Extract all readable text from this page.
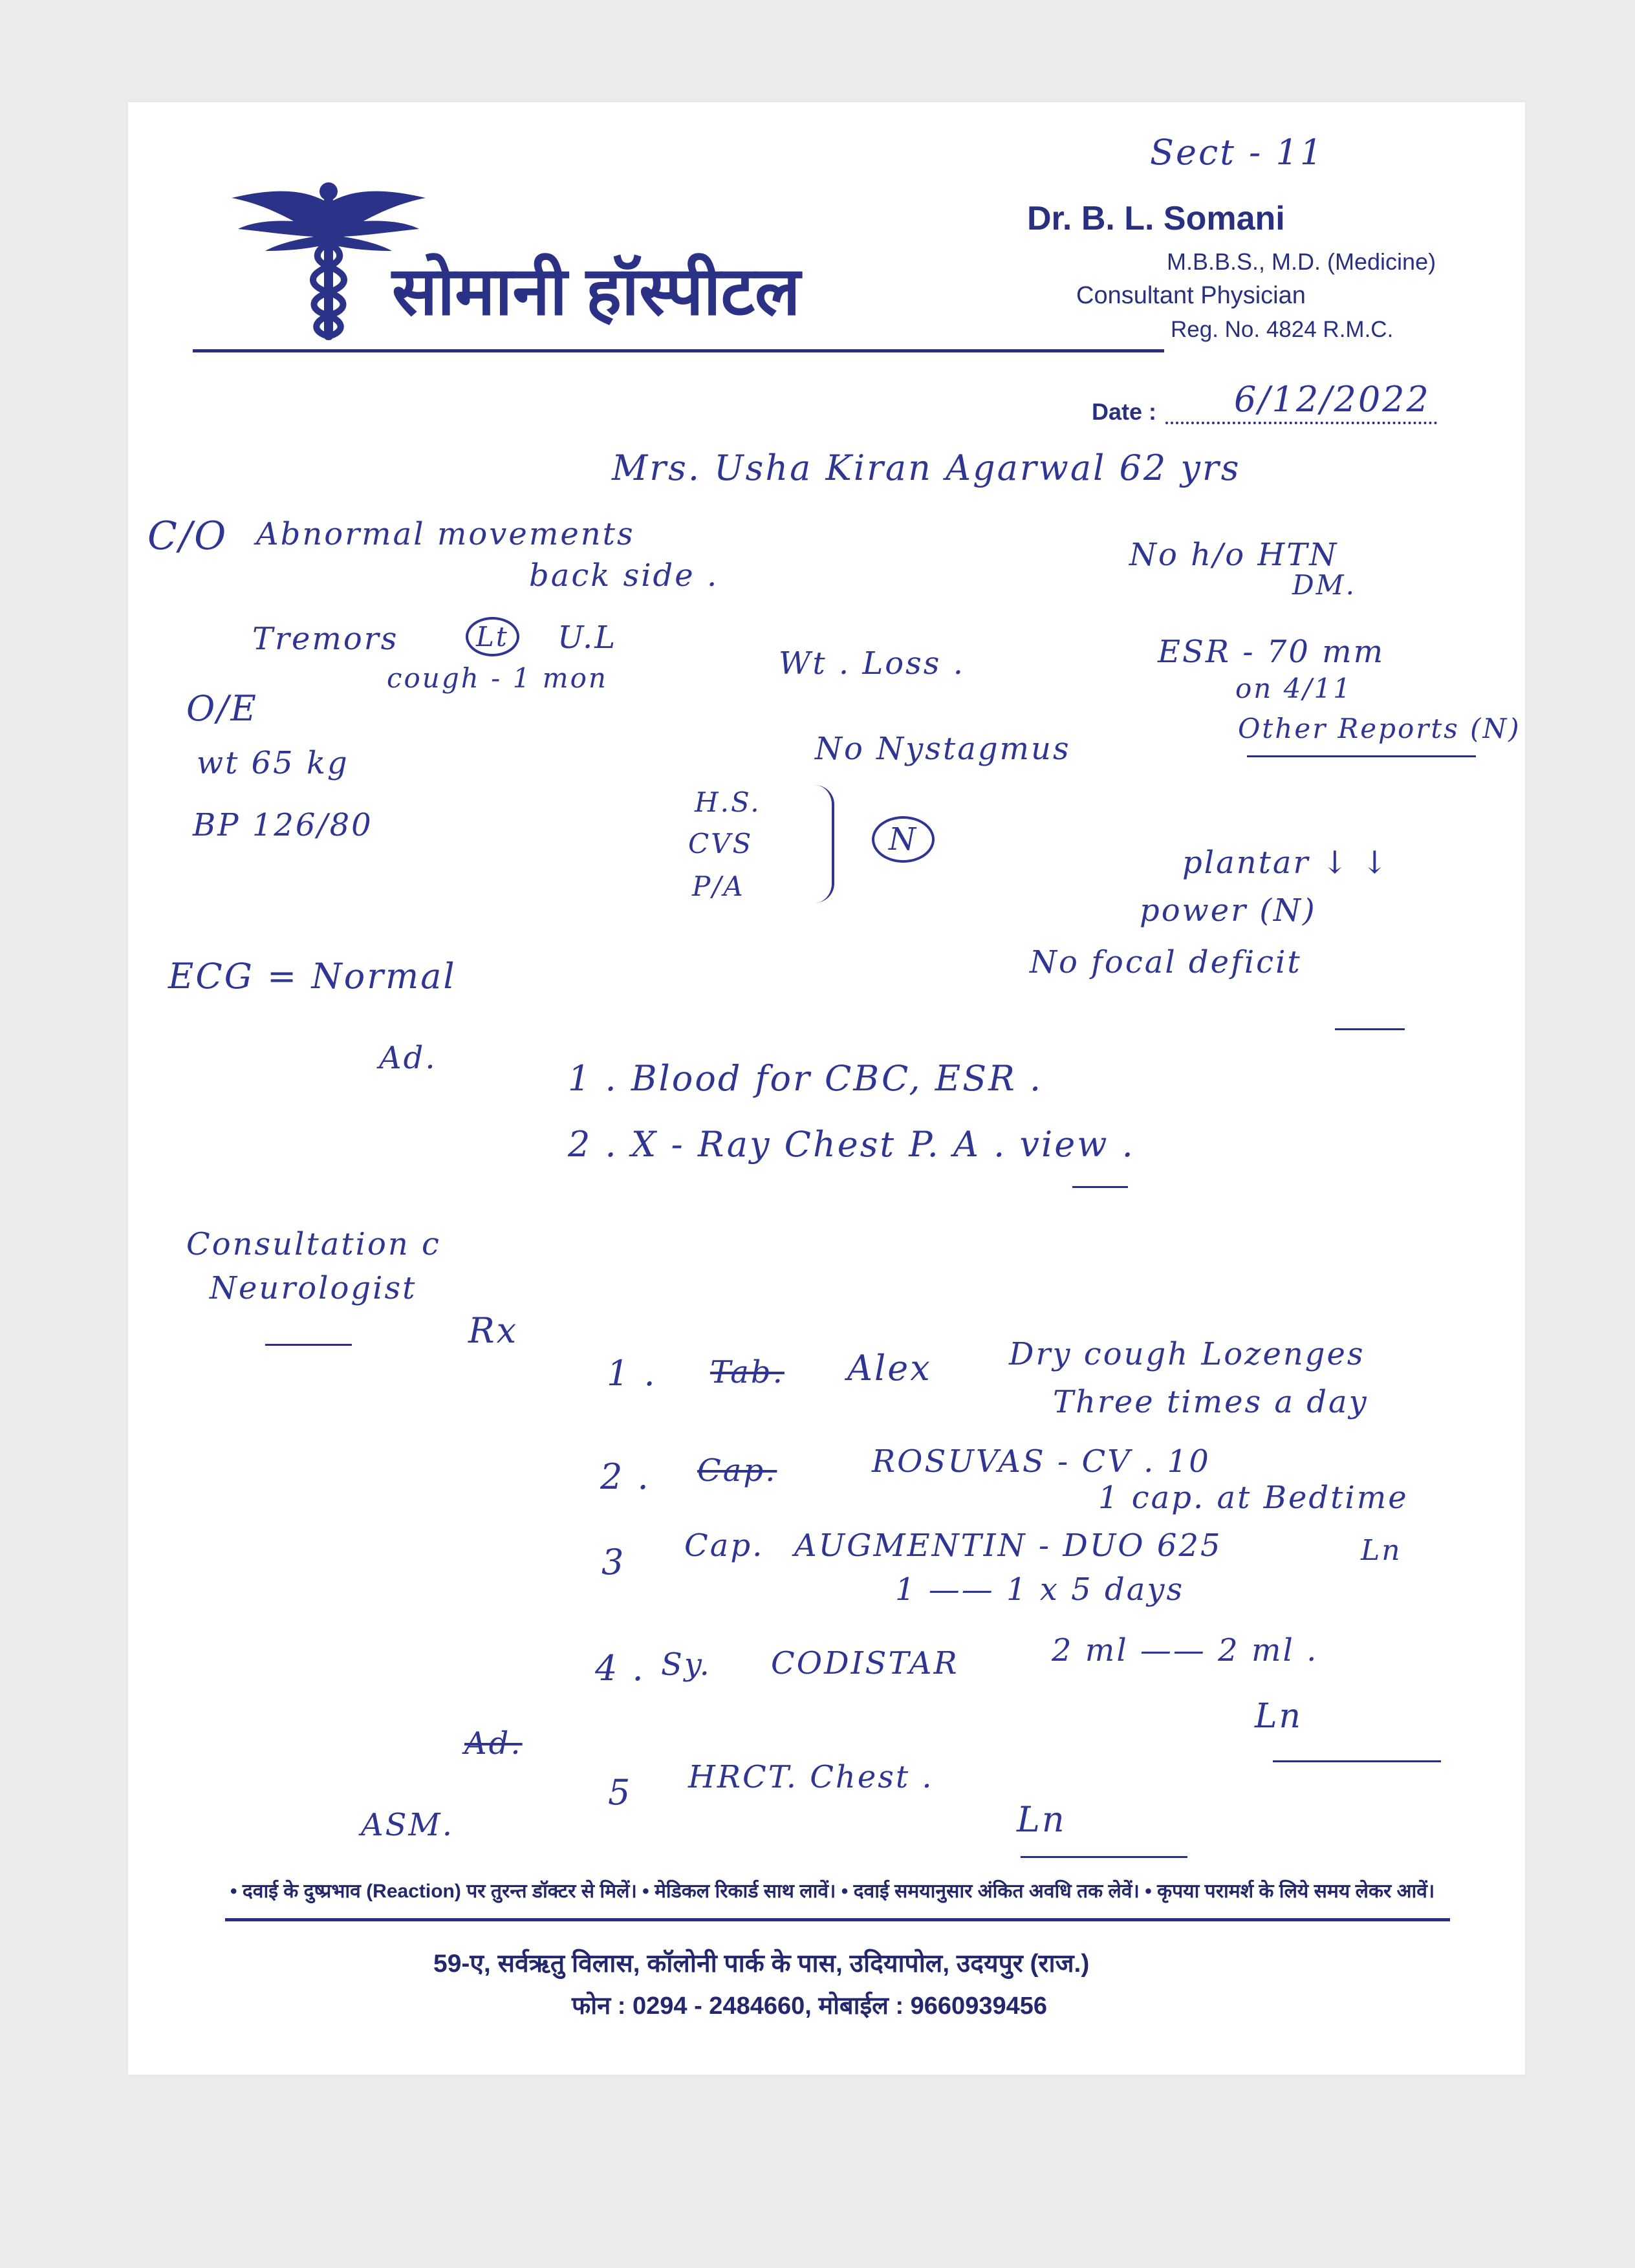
सोमानी हॉस्पीटल
Dr. B. L. Somani
M.B.B.S., M.D. (Medicine)
Consultant Physician
Reg. No. 4824 R.M.C.
Sect - 11
Date : 6/12/2022
Mrs. Usha Kiran Agarwal 62 yrs
C/O Abnormal movements
back side .
Tremors	Lt	U.L
cough - 1 mon	Wt . Loss .
No h/o HTN
DM.
ESR - 70 mm
on 4/11
Other Reports (N)
O/E
wt 65 kg
BP 126/80
No Nystagmus
H.S.
CVS
P/A
N
plantar ↓ ↓
power (N)
No focal deficit
ECG = Normal
Ad.	1 . Blood for CBC, ESR .
2 . X - Ray Chest P. A . view .
Consultation c
Neurologist
Rx
1 . Tab. Alex Dry cough Lozenges
Three times a day
2 . Cap.	ROSUVAS - CV . 10
1 cap. at Bedtime
3 Cap. AUGMENTIN - DUO 625
1 —— 1 x 5 days
Ln
4 . Sy. CODISTAR	2 ml —— 2 ml .
Ln
Ad.
5 HRCT. Chest .
ASM.	Ln
• दवाई के दुष्प्रभाव (Reaction) पर तुरन्त डॉक्टर से मिलें। • मेडिकल रिकार्ड साथ लावें। • दवाई समयानुसार अंकित अवधि तक लेवें। • कृपया परामर्श के लिये समय लेकर आवें।
59-ए, सर्वऋतु विलास, कॉलोनी पार्क के पास, उदियापोल, उदयपुर (राज.)
फोन : 0294 - 2484660, मोबाईल : 9660939456
